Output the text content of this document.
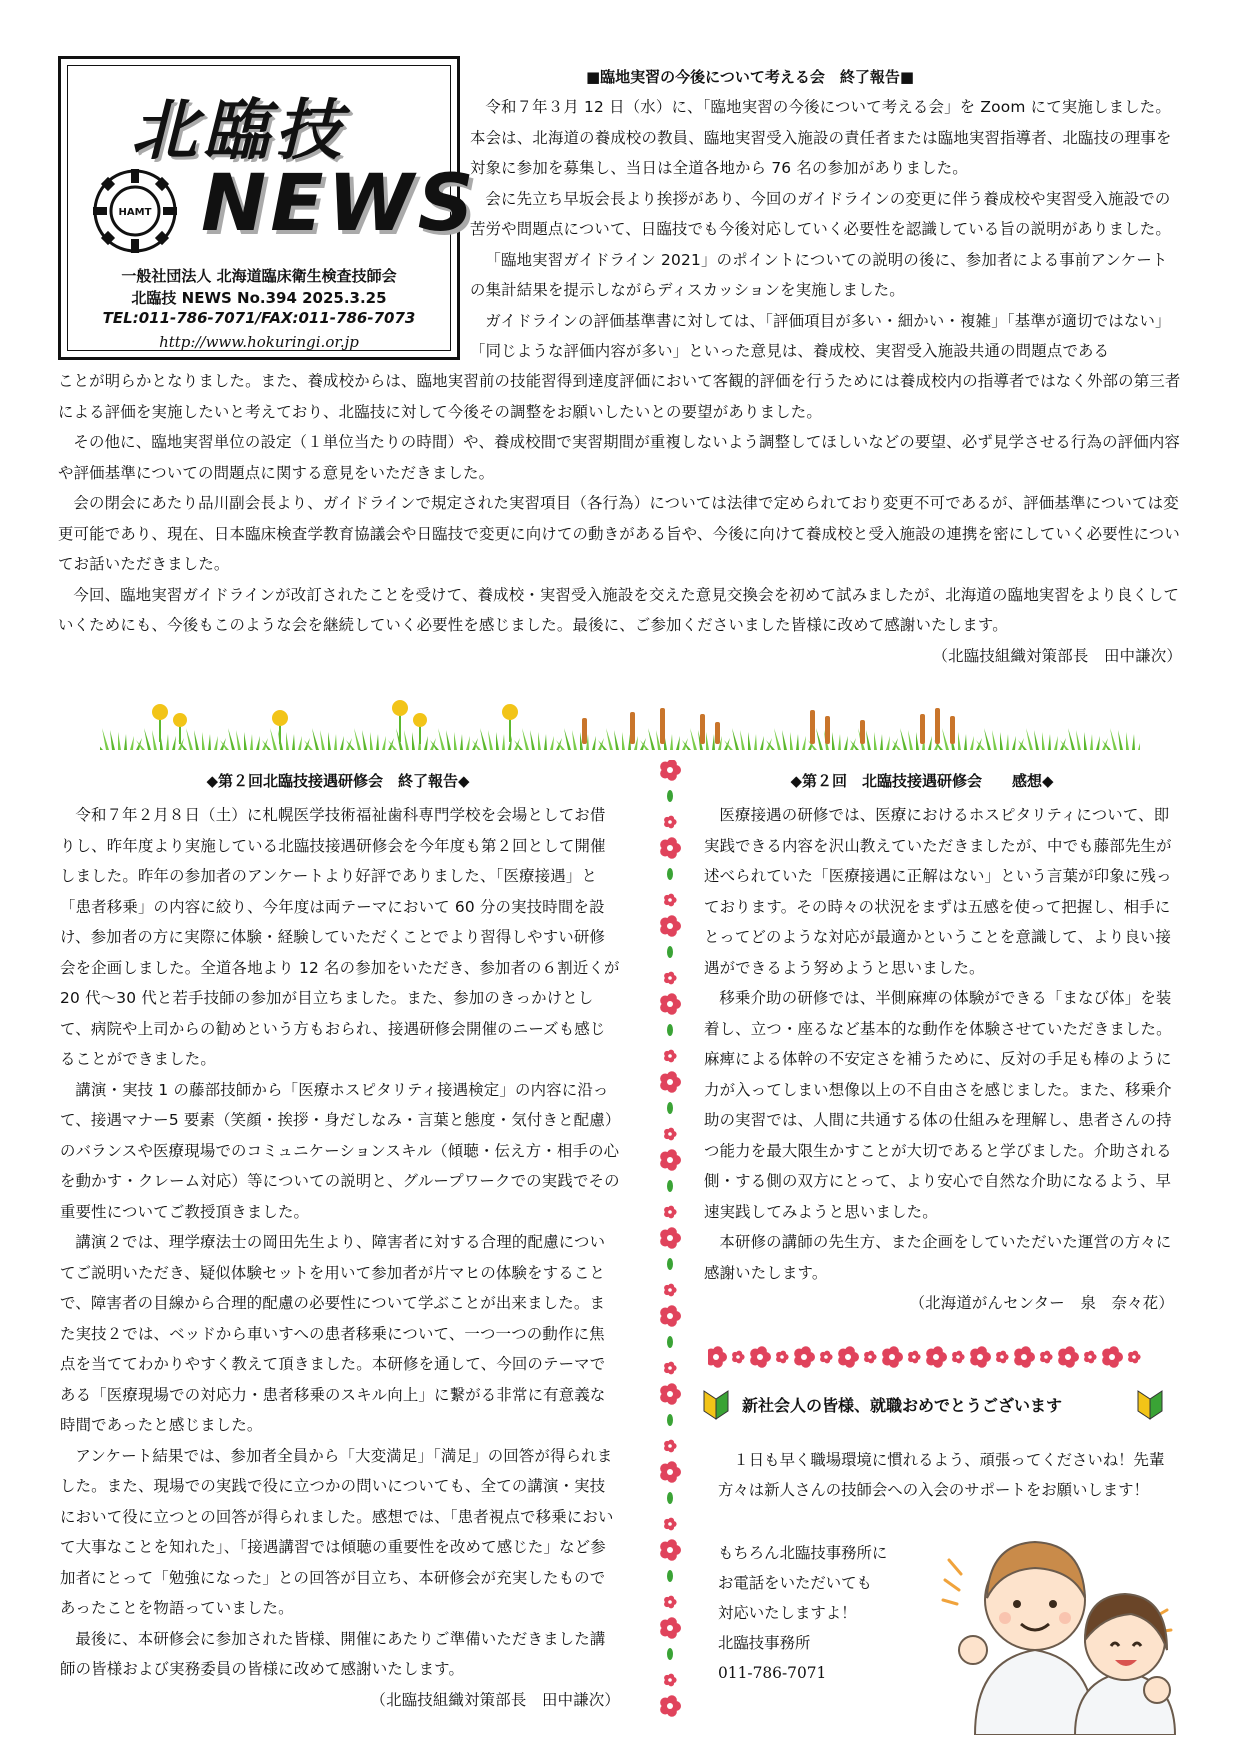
北臨技
HAMT NEWS
一般社団法人 北海道臨床衛生検査技師会
北臨技 NEWS No.394 2025.3.25
TEL:011-786-7071/FAX:011-786-7073
http://www.hokuringi.or.jp
■臨地実習の今後について考える会　終了報告■

令和７年３月 12 日（水）に、「臨地実習の今後について考える会」を Zoom にて実施しました。本会は、北海道の養成校の教員、臨地実習受入施設の責任者または臨地実習指導者、北臨技の理事を対象に参加を募集し、当日は全道各地から 76 名の参加がありました。

会に先立ち早坂会長より挨拶があり、今回のガイドラインの変更に伴う養成校や実習受入施設での苦労や問題点について、日臨技でも今後対応していく必要性を認識している旨の説明がありました。

「臨地実習ガイドライン 2021」のポイントについての説明の後に、参加者による事前アンケートの集計結果を提示しながらディスカッションを実施しました。

ガイドラインの評価基準書に対しては、「評価項目が多い・細かい・複雑」「基準が適切ではない」「同じような評価内容が多い」といった意見は、養成校、実習受入施設共通の問題点である

ことが明らかとなりました。また、養成校からは、臨地実習前の技能習得到達度評価において客観的評価を行うためには養成校内の指導者ではなく外部の第三者による評価を実施したいと考えており、北臨技に対して今後その調整をお願いしたいとの要望がありました。

その他に、臨地実習単位の設定（１単位当たりの時間）や、養成校間で実習期間が重複しないよう調整してほしいなどの要望、必ず見学させる行為の評価内容や評価基準についての問題点に関する意見をいただきました。

会の閉会にあたり品川副会長より、ガイドラインで規定された実習項目（各行為）については法律で定められており変更不可であるが、評価基準については変更可能であり、現在、日本臨床検査学教育協議会や日臨技で変更に向けての動きがある旨や、今後に向けて養成校と受入施設の連携を密にしていく必要性についてお話いただきました。

今回、臨地実習ガイドラインが改訂されたことを受けて、養成校・実習受入施設を交えた意見交換会を初めて試みましたが、北海道の臨地実習をより良くしていくためにも、今後もこのような会を継続していく必要性を感じました。最後に、ご参加くださいました皆様に改めて感謝いたします。

（北臨技組織対策部長　田中謙次）

◆第２回北臨技接遇研修会　終了報告◆

令和７年２月８日（土）に札幌医学技術福祉歯科専門学校を会場としてお借りし、昨年度より実施している北臨技接遇研修会を今年度も第２回として開催しました。昨年の参加者のアンケートより好評でありました、「医療接遇」と「患者移乗」の内容に絞り、今年度は両テーマにおいて 60 分の実技時間を設け、参加者の方に実際に体験・経験していただくことでより習得しやすい研修会を企画しました。全道各地より 12 名の参加をいただき、参加者の６割近くが 20 代〜30 代と若手技師の参加が目立ちました。また、参加のきっかけとして、病院や上司からの勧めという方もおられ、接遇研修会開催のニーズも感じることができました。

講演・実技 1 の藤部技師から「医療ホスピタリティ接遇検定」の内容に沿って、接遇マナー5 要素（笑顔・挨拶・身だしなみ・言葉と態度・気付きと配慮）のバランスや医療現場でのコミュニケーションスキル（傾聴・伝え方・相手の心を動かす・クレーム対応）等についての説明と、グループワークでの実践でその重要性についてご教授頂きました。

講演２では、理学療法士の岡田先生より、障害者に対する合理的配慮についてご説明いただき、疑似体験セットを用いて参加者が片マヒの体験をすることで、障害者の目線から合理的配慮の必要性について学ぶことが出来ました。また実技２では、ベッドから車いすへの患者移乗について、一つ一つの動作に焦点を当ててわかりやすく教えて頂きました。本研修を通して、今回のテーマである「医療現場での対応力・患者移乗のスキル向上」に繋がる非常に有意義な時間であったと感じました。

アンケート結果では、参加者全員から「大変満足」「満足」の回答が得られました。また、現場での実践で役に立つかの問いについても、全ての講演・実技において役に立つとの回答が得られました。感想では、「患者視点で移乗において大事なことを知れた」、「接遇講習では傾聴の重要性を改めて感じた」など参加者にとって「勉強になった」との回答が目立ち、本研修会が充実したものであったことを物語っていました。

最後に、本研修会に参加された皆様、開催にあたりご準備いただきました講師の皆様および実務委員の皆様に改めて感謝いたします。

（北臨技組織対策部長　田中謙次）

◆第２回　北臨技接遇研修会　　感想◆

医療接遇の研修では、医療におけるホスピタリティについて、即実践できる内容を沢山教えていただきましたが、中でも藤部先生が述べられていた「医療接遇に正解はない」という言葉が印象に残っております。その時々の状況をまずは五感を使って把握し、相手にとってどのような対応が最適かということを意識して、より良い接遇ができるよう努めようと思いました。

移乗介助の研修では、半側麻痺の体験ができる「まなび体」を装着し、立つ・座るなど基本的な動作を体験させていただきました。麻痺による体幹の不安定さを補うために、反対の手足も棒のように力が入ってしまい想像以上の不自由さを感じました。また、移乗介助の実習では、人間に共通する体の仕組みを理解し、患者さんの持つ能力を最大限生かすことが大切であると学びました。介助される側・する側の双方にとって、より安心で自然な介助になるよう、早速実践してみようと思いました。

本研修の講師の先生方、また企画をしていただいた運営の方々に感謝いたします。

（北海道がんセンター　泉　奈々花）

新社会人の皆様、就職おめでとうございます

１日も早く職場環境に慣れるよう、頑張ってくださいね！先輩方々は新人さんの技師会への入会のサポートをお願いします！

もちろん北臨技事務所に

お電話をいただいても

対応いたしますよ！

北臨技事務所

011-786-7071
